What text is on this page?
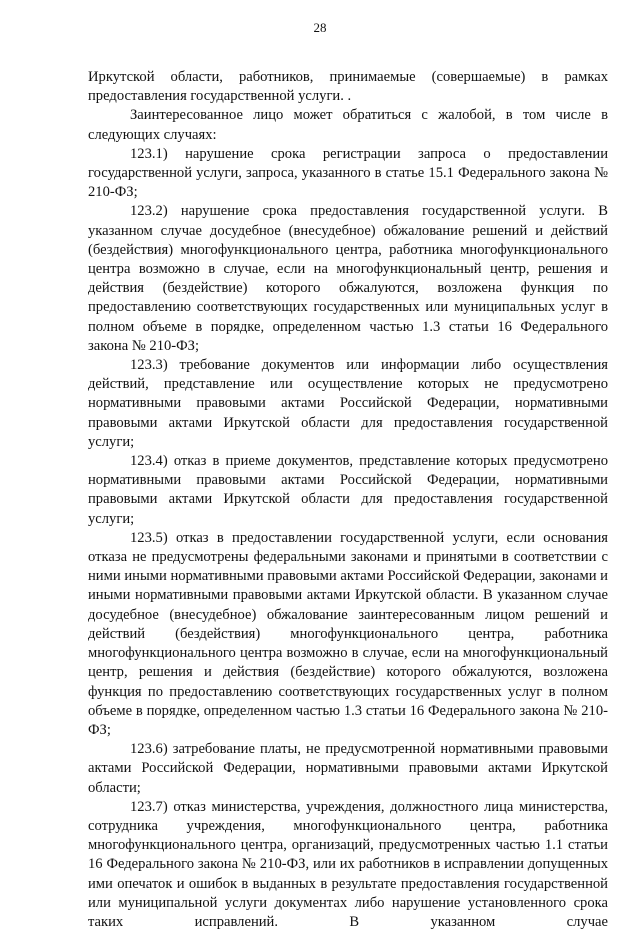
28

Иркутской области, работников, принимаемые (совершаемые) в рамках предоставления государственной услуги. .

Заинтересованное лицо может обратиться с жалобой, в том числе в следующих случаях:

123.1) нарушение срока регистрации запроса о предоставлении государственной услуги, запроса, указанного в статье 15.1 Федерального закона № 210-ФЗ;

123.2) нарушение срока предоставления государственной услуги. В указанном случае досудебное (внесудебное) обжалование решений и действий (бездействия) многофункционального центра, работника многофункционального центра возможно в случае, если на многофункциональный центр, решения и действия (бездействие) которого обжалуются, возложена функция по предоставлению соответствующих государственных или муниципальных услуг в полном объеме в порядке, определенном частью 1.3 статьи 16 Федерального закона № 210-ФЗ;

123.3) требование документов или информации либо осуществления действий, представление или осуществление которых не предусмотрено нормативными правовыми актами Российской Федерации, нормативными правовыми актами Иркутской области для предоставления государственной услуги;

123.4) отказ в приеме документов, представление которых предусмотрено нормативными правовыми актами Российской Федерации, нормативными правовыми актами Иркутской области для предоставления государственной услуги;

123.5) отказ в предоставлении государственной услуги, если основания отказа не предусмотрены федеральными законами и принятыми в соответствии с ними иными нормативными правовыми актами Российской Федерации, законами и иными нормативными правовыми актами Иркутской области. В указанном случае досудебное (внесудебное) обжалование заинтересованным лицом решений и действий (бездействия) многофункционального центра, работника многофункционального центра возможно в случае, если на многофункциональный центр, решения и действия (бездействие) которого обжалуются, возложена функция по предоставлению соответствующих государственных услуг в полном объеме в порядке, определенном частью 1.3 статьи 16 Федерального закона № 210-ФЗ;

123.6) затребование платы, не предусмотренной нормативными правовыми актами Российской Федерации, нормативными правовыми актами Иркутской области;

123.7) отказ министерства, учреждения, должностного лица министерства, сотрудника учреждения, многофункционального центра, работника многофункционального центра, организаций, предусмотренных частью 1.1 статьи 16 Федерального закона № 210-ФЗ, или их работников в исправлении допущенных ими опечаток и ошибок в выданных в результате предоставления государственной или муниципальной услуги документах либо нарушение установленного срока таких исправлений. В указанном случае
